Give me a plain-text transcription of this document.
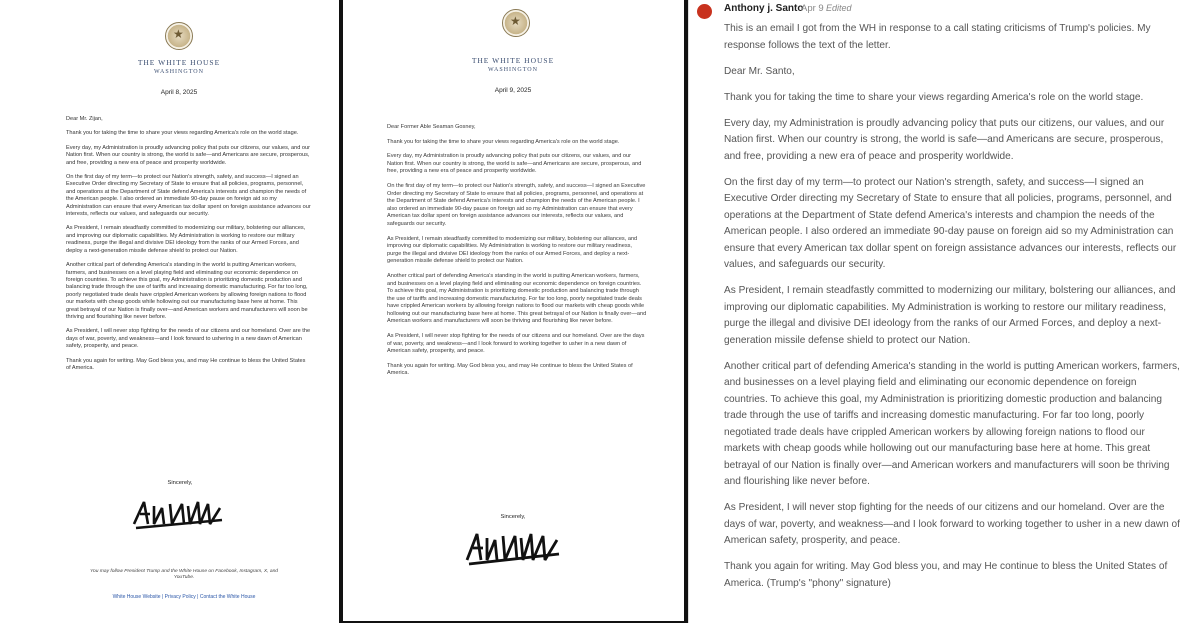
★
THE WHITE HOUSE
WASHINGTON
April 8, 2025

Dear Mr. Zijan,

Thank you for taking the time to share your views regarding America's role on the world stage.

Every day, my Administration is proudly advancing policy that puts our citizens, our values, and our Nation first. When our country is strong, the world is safe—and Americans are secure, prosperous, and free, providing a new era of peace and prosperity worldwide.

On the first day of my term—to protect our Nation's strength, safety, and success—I signed an Executive Order directing my Secretary of State to ensure that all policies, programs, personnel, and operations at the Department of State defend America's interests and champion the needs of the American people. I also ordered an immediate 90-day pause on foreign aid so my Administration can ensure that every American tax dollar spent on foreign assistance advances our interests, reflects our values, and safeguards our security.

As President, I remain steadfastly committed to modernizing our military, bolstering our alliances, and improving our diplomatic capabilities. My Administration is working to restore our military readiness, purge the illegal and divisive DEI ideology from the ranks of our Armed Forces, and deploy a next-generation missile defense shield to protect our Nation.

Another critical part of defending America's standing in the world is putting American workers, farmers, and businesses on a level playing field and eliminating our economic dependence on foreign countries. To achieve this goal, my Administration is prioritizing domestic production and balancing trade through the use of tariffs and increasing domestic manufacturing. For far too long, poorly negotiated trade deals have crippled American workers by allowing foreign nations to flood our markets with cheap goods while hollowing out our manufacturing base here at home. This great betrayal of our Nation is finally over—and American workers and manufacturers will soon be thriving and flourishing like never before.

As President, I will never stop fighting for the needs of our citizens and our homeland. Over are the days of war, poverty, and weakness—and I look forward to ushering in a new dawn of American safety, prosperity, and peace.

Thank you again for writing. May God bless you, and may He continue to bless the United States of America.

Sincerely,
You may follow President Trump and the White House on Facebook, Instagram, X, and YouTube.
White House Website | Privacy Policy | Contact the White House
★
THE WHITE HOUSE
WASHINGTON
April 9, 2025

Dear Former Able Seaman Gosney,

Thank you for taking the time to share your views regarding America's role on the world stage.

Every day, my Administration is proudly advancing policy that puts our citizens, our values, and our Nation first. When our country is strong, the world is safe—and Americans are secure, prosperous, and free, providing a new era of peace and prosperity worldwide.

On the first day of my term—to protect our Nation's strength, safety, and success—I signed an Executive Order directing my Secretary of State to ensure that all policies, programs, personnel, and operations at the Department of State defend America's interests and champion the needs of the American people. I also ordered an immediate 90-day pause on foreign aid so my Administration can ensure that every American tax dollar spent on foreign assistance advances our interests, reflects our values, and safeguards our security.

As President, I remain steadfastly committed to modernizing our military, bolstering our alliances, and improving our diplomatic capabilities. My Administration is working to restore our military readiness, purge the illegal and divisive DEI ideology from the ranks of our Armed Forces, and deploy a next-generation missile defense shield to protect our Nation.

Another critical part of defending America's standing in the world is putting American workers, farmers, and businesses on a level playing field and eliminating our economic dependence on foreign countries. To achieve this goal, my Administration is prioritizing domestic production and balancing trade through the use of tariffs and increasing domestic manufacturing. For far too long, poorly negotiated trade deals have crippled American workers by allowing foreign nations to flood our markets with cheap goods while hollowing out our manufacturing base here at home. This great betrayal of our Nation is finally over—and American workers and manufacturers will soon be thriving and flourishing like never before.

As President, I will never stop fighting for the needs of our citizens and our homeland. Over are the days of war, poverty, and weakness—and I look forward to working together to usher in a new dawn of American safety, prosperity, and peace.

Thank you again for writing. May God bless you, and may He continue to bless the United States of America.

Sincerely,
Anthony j. Santo
Apr 9 Edited

This is an email I got from the WH in response to a call stating criticisms of Trump's policies. My response follows the text of the letter.

Dear Mr. Santo,

Thank you for taking the time to share your views regarding America's role on the world stage.

Every day, my Administration is proudly advancing policy that puts our citizens, our values, and our Nation first. When our country is strong, the world is safe—and Americans are secure, prosperous, and free, providing a new era of peace and prosperity worldwide.

On the first day of my term—to protect our Nation's strength, safety, and success—I signed an Executive Order directing my Secretary of State to ensure that all policies, programs, personnel, and operations at the Department of State defend America's interests and champion the needs of the American people. I also ordered an immediate 90-day pause on foreign aid so my Administration can ensure that every American tax dollar spent on foreign assistance advances our interests, reflects our values, and safeguards our security.

As President, I remain steadfastly committed to modernizing our military, bolstering our alliances, and improving our diplomatic capabilities. My Administration is working to restore our military readiness, purge the illegal and divisive DEI ideology from the ranks of our Armed Forces, and deploy a next-generation missile defense shield to protect our Nation.

Another critical part of defending America's standing in the world is putting American workers, farmers, and businesses on a level playing field and eliminating our economic dependence on foreign countries. To achieve this goal, my Administration is prioritizing domestic production and balancing trade through the use of tariffs and increasing domestic manufacturing. For far too long, poorly negotiated trade deals have crippled American workers by allowing foreign nations to flood our markets with cheap goods while hollowing out our manufacturing base here at home. This great betrayal of our Nation is finally over—and American workers and manufacturers will soon be thriving and flourishing like never before.

As President, I will never stop fighting for the needs of our citizens and our homeland. Over are the days of war, poverty, and weakness—and I look forward to working together to usher in a new dawn of American safety, prosperity, and peace.

Thank you again for writing. May God bless you, and may He continue to bless the United States of America. (Trump's "phony" signature)
